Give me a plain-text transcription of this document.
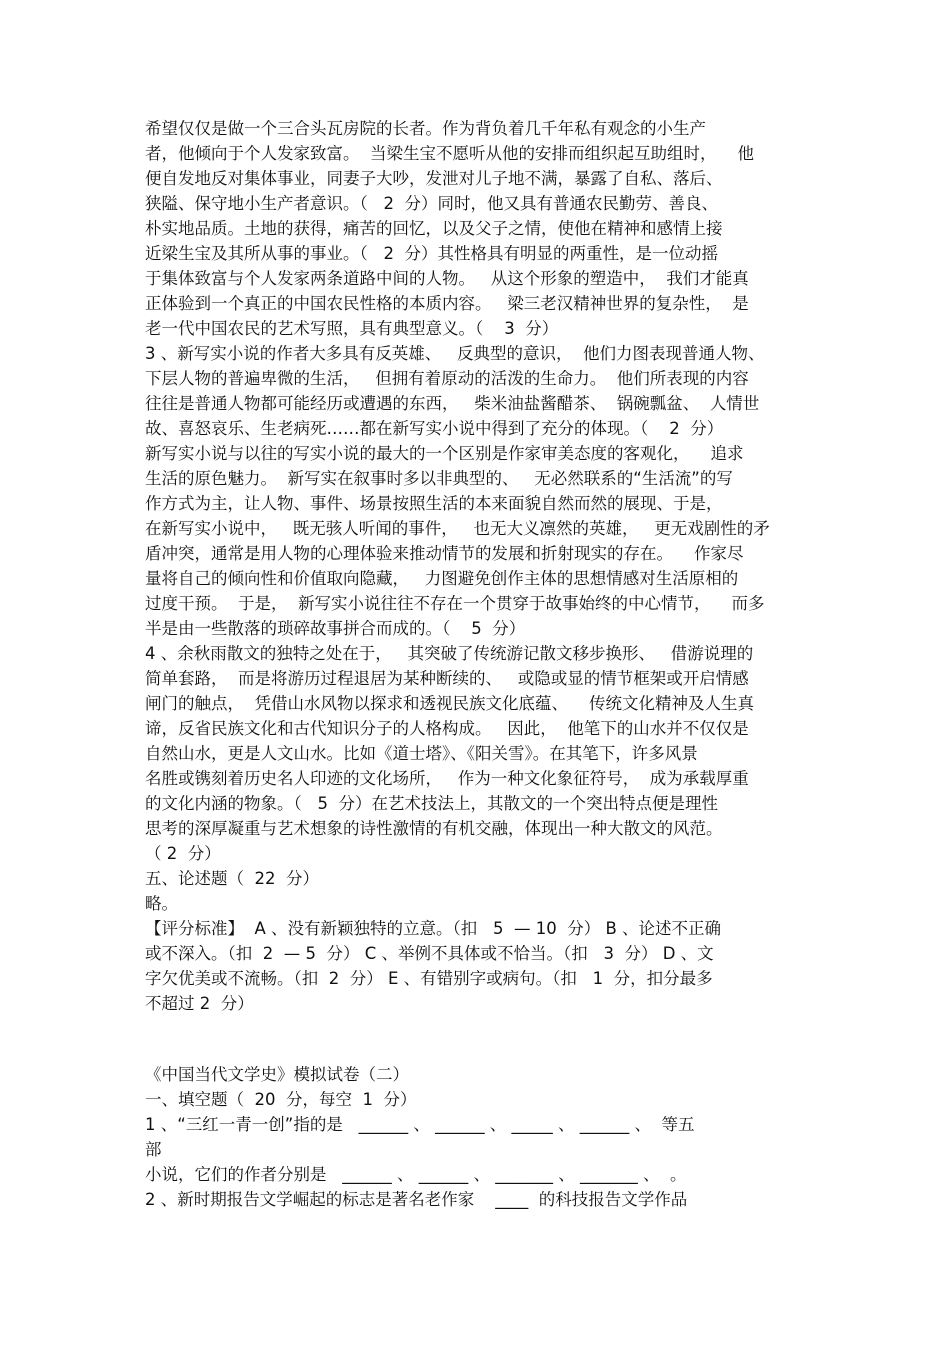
希望仅仅是做一个三合头瓦房院的长者。作为背负着几千年私有观念的小生产
者，他倾向于个人发家致富。  当梁生宝不愿听从他的安排而组织起互助组时，    他
便自发地反对集体事业，同妻子大吵，发泄对儿子地不满，暴露了自私、落后、
狭隘、保守地小生产者意识。（   2  分）同时，他又具有普通农民勤劳、善良、
朴实地品质。土地的获得，痛苦的回忆，以及父子之情，使他在精神和感情上接
近梁生宝及其所从事的事业。（   2  分）其性格具有明显的两重性，是一位动摇
于集体致富与个人发家两条道路中间的人物。   从这个形象的塑造中，  我们才能真
正体验到一个真正的中国农民性格的本质内容。   梁三老汉精神世界的复杂性，  是
老一代中国农民的艺术写照，具有典型意义。（    3  分）
3 、新写实小说的作者大多具有反英雄、   反典型的意识，  他们力图表现普通人物、
下层人物的普遍卑微的生活，   但拥有着原动的活泼的生命力。  他们所表现的内容
往往是普通人物都可能经历或遭遇的东西，   柴米油盐酱醋茶、  锅碗瓢盆、  人情世
故、喜怒哀乐、生老病死……都在新写实小说中得到了充分的体现。（    2  分）
新写实小说与以往的写实小说的最大的一个区别是作家审美态度的客观化，    追求
生活的原色魅力。  新写实在叙事时多以非典型的、   无必然联系的“生活流”的写
作方式为主，让人物、事件、场景按照生活的本来面貌自然而然的展现、于是，
在新写实小说中，   既无骇人听闻的事件，   也无大义凛然的英雄，   更无戏剧性的矛
盾冲突，通常是用人物的心理体验来推动情节的发展和折射现实的存在。    作家尽
量将自己的倾向性和价值取向隐藏，   力图避免创作主体的思想情感对生活原相的
过度干预。  于是，  新写实小说往往不存在一个贯穿于故事始终的中心情节，    而多
半是由一些散落的琐碎故事拼合而成的。（    5  分）
4 、余秋雨散文的独特之处在于，   其突破了传统游记散文移步换形、   借游说理的
简单套路，  而是将游历过程退居为某种断续的、   或隐或显的情节框架或开启情感
闸门的触点，  凭借山水风物以探求和透视民族文化底蕴、    传统文化精神及人生真
谛，反省民族文化和古代知识分子的人格构成。   因此，  他笔下的山水并不仅仅是
自然山水，更是人文山水。比如《道士塔》、《阳关雪》。在其笔下，许多风景
名胜或镌刻着历史名人印迹的文化场所，   作为一种文化象征符号，  成为承载厚重
的文化内涵的物象。（   5  分）在艺术技法上，其散文的一个突出特点便是理性
思考的深厚凝重与艺术想象的诗性激情的有机交融，体现出一种大散文的风范。
（ 2  分）
五、论述题（  22  分）
略。
【评分标准】  A 、没有新颖独特的立意。（扣   5  — 10  分） B 、论述不正确
或不深入。（扣  2  — 5  分） C 、举例不具体或不恰当。（扣   3  分） D 、文
字欠优美或不流畅。（扣  2  分） E 、有错别字或病句。（扣   1  分，扣分最多
不超过 2  分）
《中国当代文学史》模拟试卷（二）
一、填空题（  20  分，每空  1  分）
1 、“三红一青一创”指的是   ______ 、 ______ 、 _____ 、 ______ 、  等五
部
小说，它们的作者分别是   ______ 、 ______ 、 _______ 、 _______ 、  。
2 、新时期报告文学崛起的标志是著名老作家    ____  的科技报告文学作品
